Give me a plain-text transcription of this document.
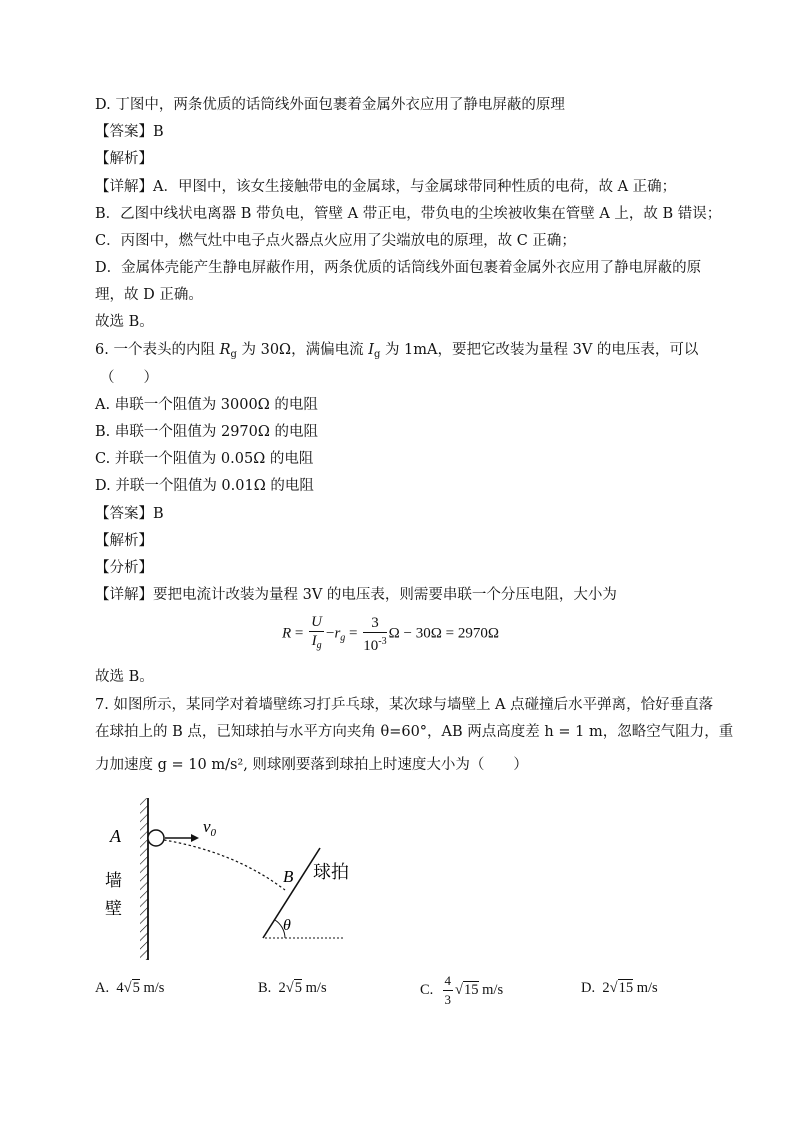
D. 丁图中，两条优质的话筒线外面包裹着金属外衣应用了静电屏蔽的原理
【答案】B
【解析】
【详解】A．甲图中，该女生接触带电的金属球，与金属球带同种性质的电荷，故 A 正确；
B．乙图中线状电离器 B 带负电，管壁 A 带正电，带负电的尘埃被收集在管壁 A 上，故 B 错误；
C．丙图中，燃气灶中电子点火器点火应用了尖端放电的原理，故 C 正确；
D．金属体壳能产生静电屏蔽作用，两条优质的话筒线外面包裹着金属外衣应用了静电屏蔽的原
理，故 D 正确。
故选 B。
6. 一个表头的内阻 $R_g$ 为 30Ω，满偏电流 $I_g$ 为 1mA，要把它改装为量程 3V 的电压表，可以
（　　）
A. 串联一个阻值为 3000Ω 的电阻
B. 串联一个阻值为 2970Ω 的电阻
C. 并联一个阻值为 0.05Ω 的电阻
D. 并联一个阻值为 0.01Ω 的电阻
【答案】B
【解析】
【分析】
【详解】要把电流计改装为量程 3V 的电压表，则需要串联一个分压电阻，大小为
$R = \frac{U}{I_g} -r_g = \frac{3}{10^{-3}}$ Ω − 30Ω = 2970Ω
故选 B。
7. 如图所示，某同学对着墙壁练习打乒乓球，某次球与墙壁上 A 点碰撞后水平弹离，恰好垂直落
在球拍上的 B 点，已知球拍与水平方向夹角 θ=60°，AB 两点高度差 h = 1 m，忽略空气阻力，重
力加速度 g = 10 m/s², 则球刚要落到球拍上时速度大小为（　　）
A	$v_0$
B
墙
壁
球拍
θ
A. 4√5 m/s	B. 2√5 m/s	C. $\frac{4}{3} √15$ m/s	D. 2√15 m/s
